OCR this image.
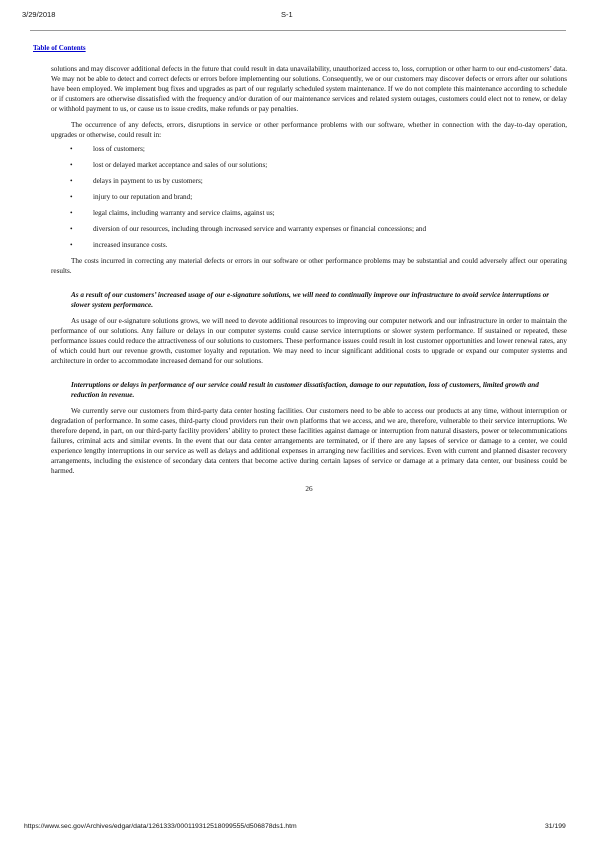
3/29/2018	S-1
Table of Contents

solutions and may discover additional defects in the future that could result in data unavailability, unauthorized access to, loss, corruption or other harm to our end-customers’ data. We may not be able to detect and correct defects or errors before implementing our solutions. Consequently, we or our customers may discover defects or errors after our solutions have been employed. We implement bug fixes and upgrades as part of our regularly scheduled system maintenance. If we do not complete this maintenance according to schedule or if customers are otherwise dissatisfied with the frequency and/or duration of our maintenance services and related system outages, customers could elect not to renew, or delay or withhold payment to us, or cause us to issue credits, make refunds or pay penalties.

The occurrence of any defects, errors, disruptions in service or other performance problems with our software, whether in connection with the day-to-day operation, upgrades or otherwise, could result in:

•	loss of customers;
•	lost or delayed market acceptance and sales of our solutions;
•	delays in payment to us by customers;
•	injury to our reputation and brand;
•	legal claims, including warranty and service claims, against us;
•	diversion of our resources, including through increased service and warranty expenses or financial concessions; and
•	increased insurance costs.

The costs incurred in correcting any material defects or errors in our software or other performance problems may be substantial and could adversely affect our operating results.

As a result of our customers’ increased usage of our e-signature solutions, we will need to continually improve our infrastructure to avoid service interruptions or slower system performance.

As usage of our e-signature solutions grows, we will need to devote additional resources to improving our computer network and our infrastructure in order to maintain the performance of our solutions. Any failure or delays in our computer systems could cause service interruptions or slower system performance. If sustained or repeated, these performance issues could reduce the attractiveness of our solutions to customers. These performance issues could result in lost customer opportunities and lower renewal rates, any of which could hurt our revenue growth, customer loyalty and reputation. We may need to incur significant additional costs to upgrade or expand our computer systems and architecture in order to accommodate increased demand for our solutions.

Interruptions or delays in performance of our service could result in customer dissatisfaction, damage to our reputation, loss of customers, limited growth and reduction in revenue.

We currently serve our customers from third-party data center hosting facilities. Our customers need to be able to access our products at any time, without interruption or degradation of performance. In some cases, third-party cloud providers run their own platforms that we access, and we are, therefore, vulnerable to their service interruptions. We therefore depend, in part, on our third-party facility providers’ ability to protect these facilities against damage or interruption from natural disasters, power or telecommunications failures, criminal acts and similar events. In the event that our data center arrangements are terminated, or if there are any lapses of service or damage to a center, we could experience lengthy interruptions in our service as well as delays and additional expenses in arranging new facilities and services. Even with current and planned disaster recovery arrangements, including the existence of secondary data centers that become active during certain lapses of service or damage at a primary data center, our business could be harmed.

26

https://www.sec.gov/Archives/edgar/data/1261333/000119312518099555/d506878ds1.htm	31/199
